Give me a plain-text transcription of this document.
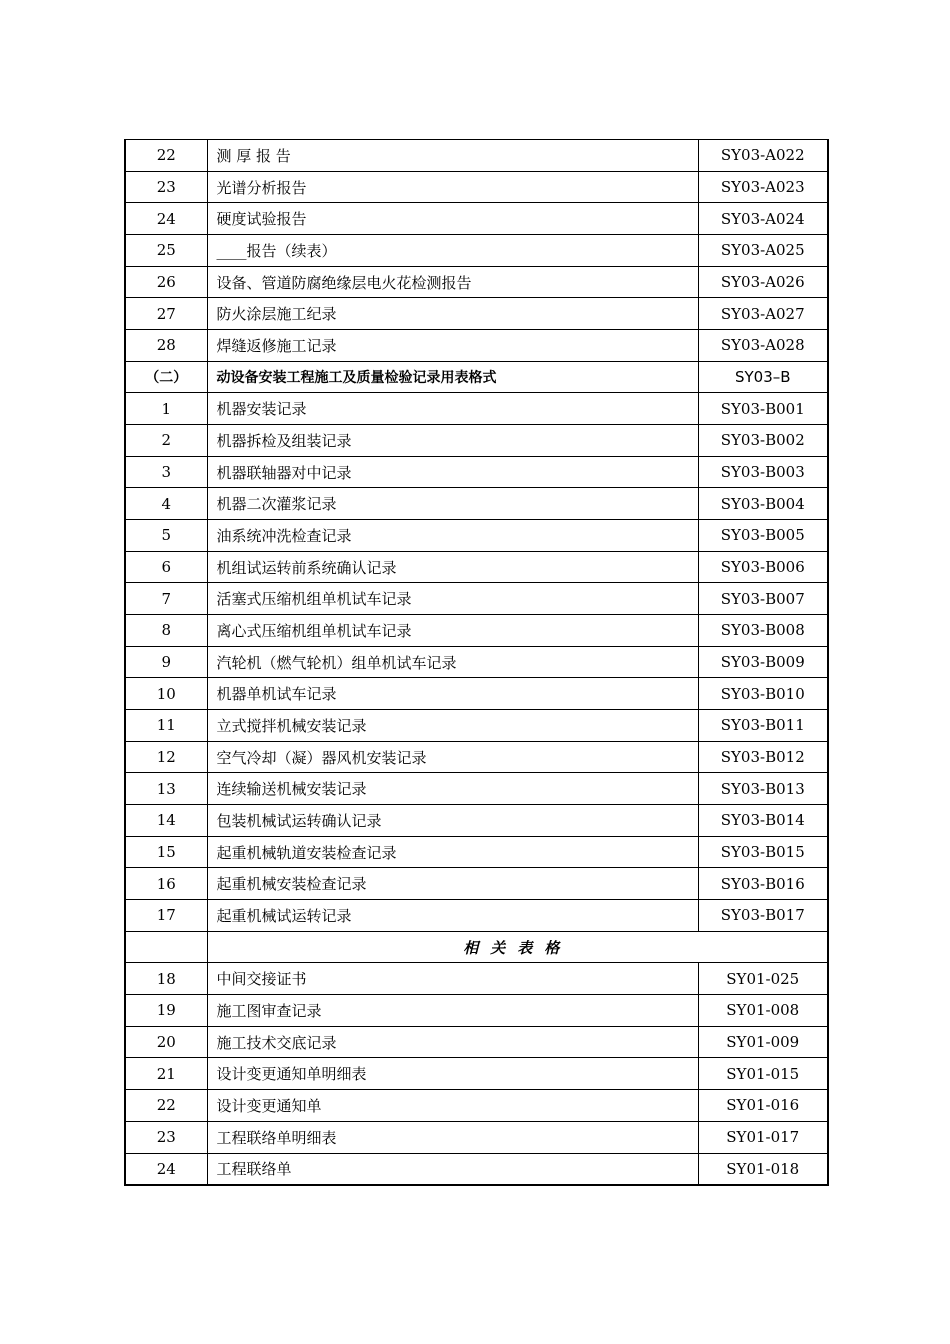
22	测 厚 报 告	SY03-A022
23	光谱分析报告	SY03-A023
24	硬度试验报告	SY03-A024
25	____报告（续表）	SY03-A025
26	设备、管道防腐绝缘层电火花检测报告	SY03-A026
27	防火涂层施工纪录	SY03-A027
28	焊缝返修施工记录	SY03-A028
（二）	动设备安装工程施工及质量检验记录用表格式	SY03–B
1	机器安装记录	SY03-B001
2	机器拆检及组装记录	SY03-B002
3	机器联轴器对中记录	SY03-B003
4	机器二次灌浆记录	SY03-B004
5	油系统冲洗检查记录	SY03-B005
6	机组试运转前系统确认记录	SY03-B006
7	活塞式压缩机组单机试车记录	SY03-B007
8	离心式压缩机组单机试车记录	SY03-B008
9	汽轮机（燃气轮机）组单机试车记录	SY03-B009
10	机器单机试车记录	SY03-B010
11	立式搅拌机械安装记录	SY03-B011
12	空气冷却（凝）器风机安装记录	SY03-B012
13	连续输送机械安装记录	SY03-B013
14	包装机械试运转确认记录	SY03-B014
15	起重机械轨道安装检查记录	SY03-B015
16	起重机械安装检查记录	SY03-B016
17	起重机械试运转记录	SY03-B017
	相关表格	
18	中间交接证书	SY01-025
19	施工图审查记录	SY01-008
20	施工技术交底记录	SY01-009
21	设计变更通知单明细表	SY01-015
22	设计变更通知单	SY01-016
23	工程联络单明细表	SY01-017
24	工程联络单	SY01-018
